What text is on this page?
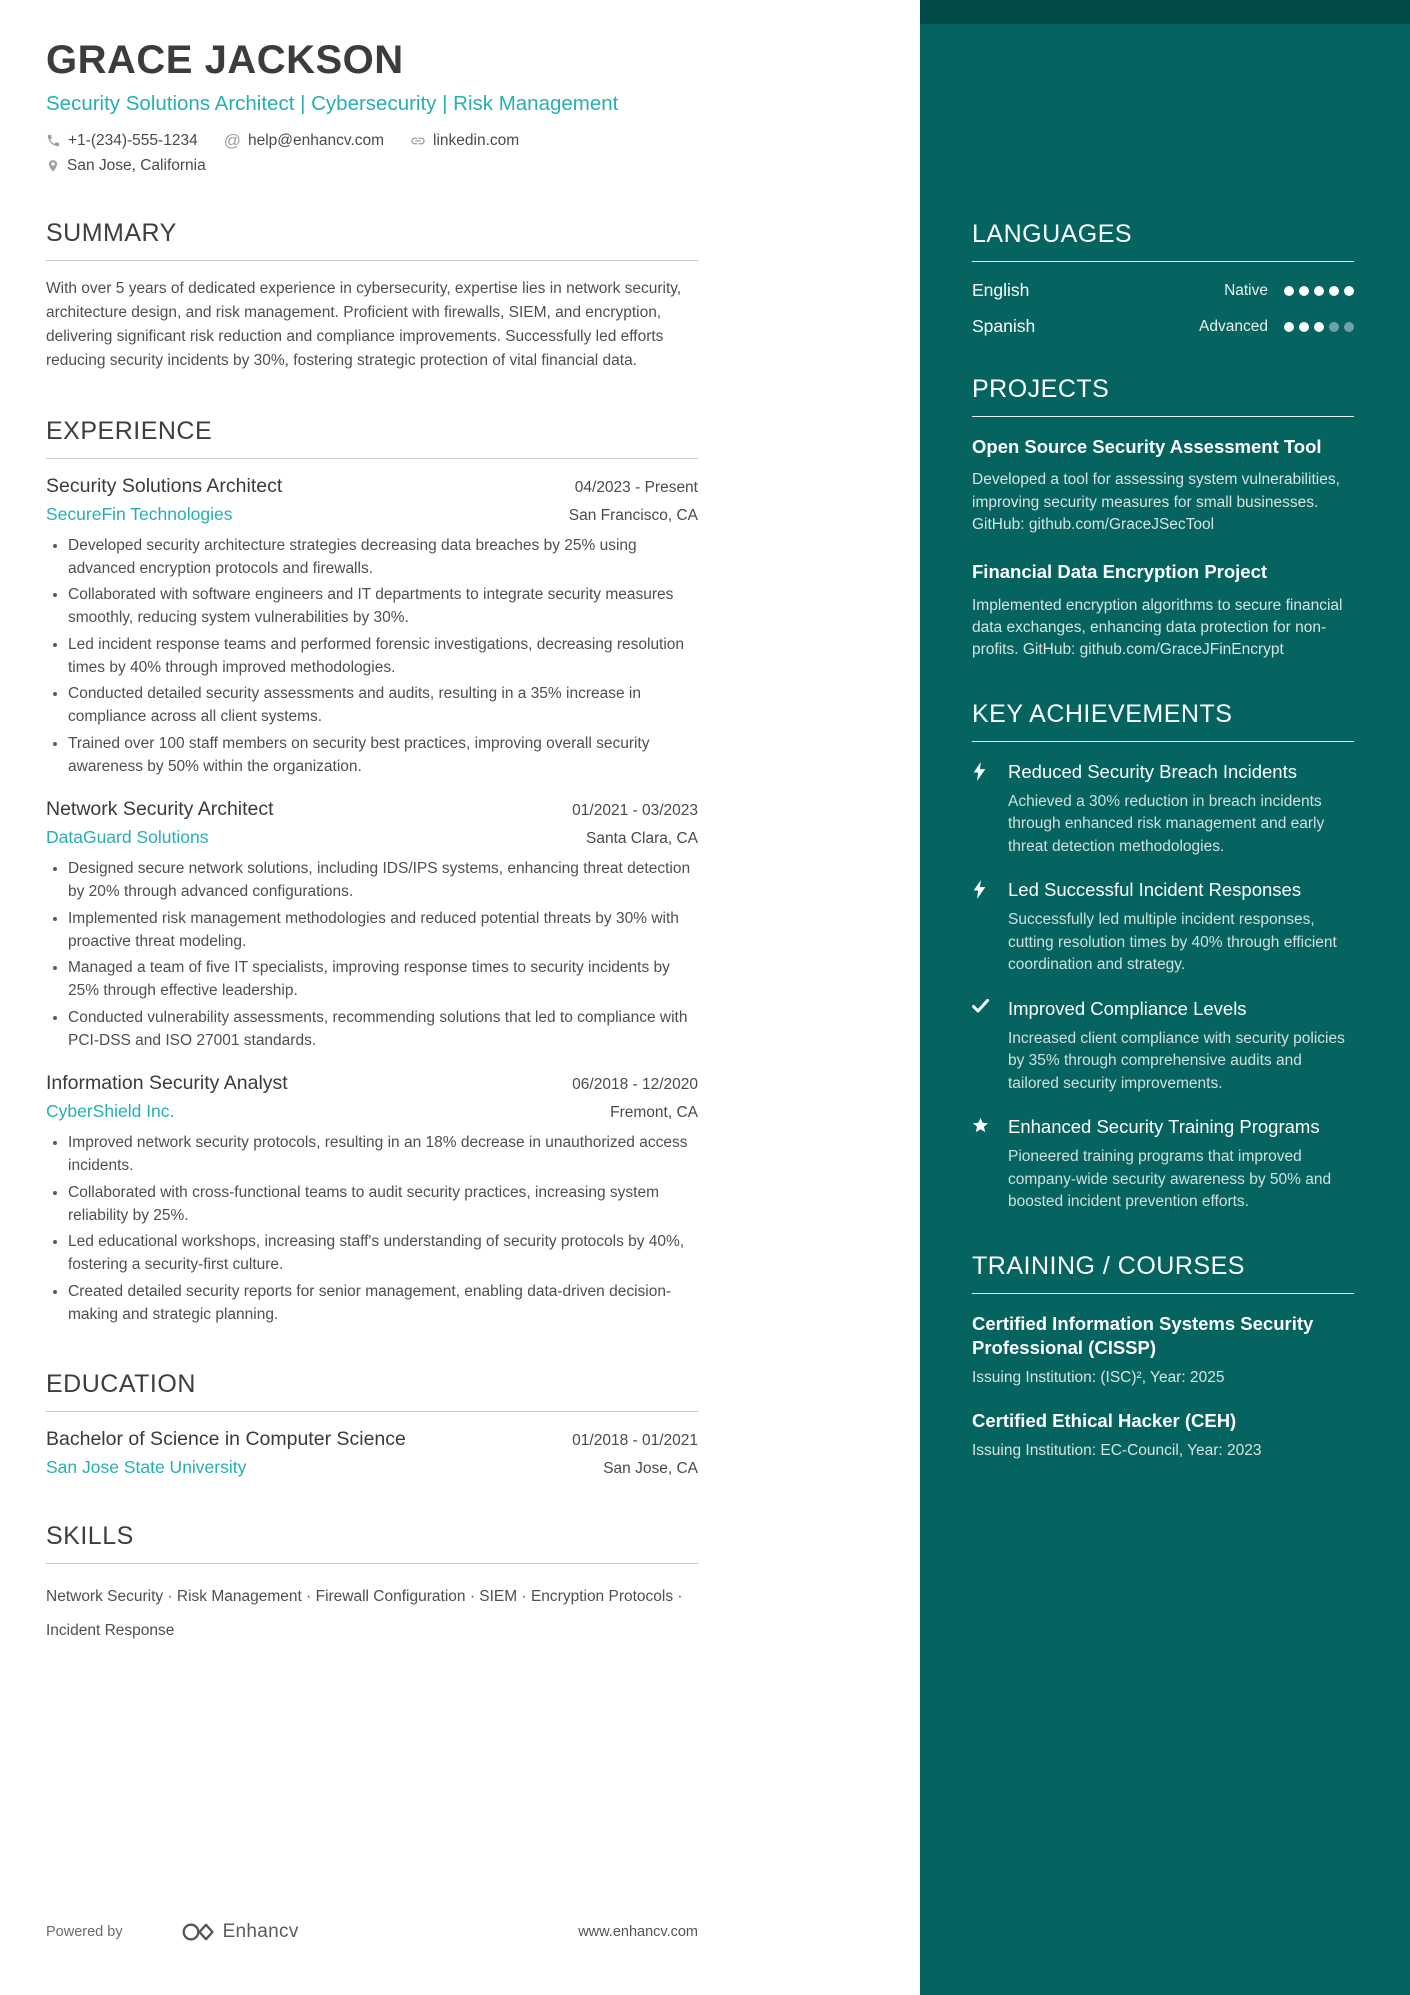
LANGUAGES
English	Native
Spanish	Advanced
PROJECTS
Open Source Security Assessment Tool
Developed a tool for assessing system vulnerabilities, improving security measures for small businesses. GitHub: github.com/GraceJSecTool
Financial Data Encryption Project
Implemented encryption algorithms to secure financial data exchanges, enhancing data protection for non-profits. GitHub: github.com/GraceJFinEncrypt
KEY ACHIEVEMENTS
Reduced Security Breach Incidents
Achieved a 30% reduction in breach incidents through enhanced risk management and early threat detection methodologies.
Led Successful Incident Responses
Successfully led multiple incident responses, cutting resolution times by 40% through efficient coordination and strategy.
Improved Compliance Levels
Increased client compliance with security policies by 35% through comprehensive audits and tailored security improvements.
Enhanced Security Training Programs
Pioneered training programs that improved company-wide security awareness by 50% and boosted incident prevention efforts.
TRAINING / COURSES
Certified Information Systems Security Professional (CISSP)
Issuing Institution: (ISC)², Year: 2025
Certified Ethical Hacker (CEH)
Issuing Institution: EC-Council, Year: 2023
GRACE JACKSON
Security Solutions Architect | Cybersecurity | Risk Management
+1-(234)-555-1234 @ help@enhancv.com	linkedin.com
San Jose, California
SUMMARY

With over 5 years of dedicated experience in cybersecurity, expertise lies in network security, architecture design, and risk management. Proficient with firewalls, SIEM, and encryption, delivering significant risk reduction and compliance improvements. Successfully led efforts reducing security incidents by 30%, fostering strategic protection of vital financial data.

EXPERIENCE
Security Solutions Architect	04/2023 - Present
SecureFin Technologies	San Francisco, CA
• Developed security architecture strategies decreasing data breaches by 25% using advanced encryption protocols and firewalls.
• Collaborated with software engineers and IT departments to integrate security measures smoothly, reducing system vulnerabilities by 30%.
• Led incident response teams and performed forensic investigations, decreasing resolution times by 40% through improved methodologies.
• Conducted detailed security assessments and audits, resulting in a 35% increase in compliance across all client systems.
• Trained over 100 staff members on security best practices, improving overall security awareness by 50% within the organization.
Network Security Architect	01/2021 - 03/2023
DataGuard Solutions	Santa Clara, CA
• Designed secure network solutions, including IDS/IPS systems, enhancing threat detection by 20% through advanced configurations.
• Implemented risk management methodologies and reduced potential threats by 30% with proactive threat modeling.
• Managed a team of five IT specialists, improving response times to security incidents by 25% through effective leadership.
• Conducted vulnerability assessments, recommending solutions that led to compliance with PCI-DSS and ISO 27001 standards.
Information Security Analyst	06/2018 - 12/2020
CyberShield Inc.	Fremont, CA
• Improved network security protocols, resulting in an 18% decrease in unauthorized access incidents.
• Collaborated with cross-functional teams to audit security practices, increasing system reliability by 25%.
• Led educational workshops, increasing staff's understanding of security protocols by 40%, fostering a security-first culture.
• Created detailed security reports for senior management, enabling data-driven decision-making and strategic planning.
EDUCATION
Bachelor of Science in Computer Science	01/2018 - 01/2021
San Jose State University	San Jose, CA
SKILLS

Network Security · Risk Management · Firewall Configuration · SIEM · Encryption Protocols · Incident Response

Powered by	Enhancv	www.enhancv.com
